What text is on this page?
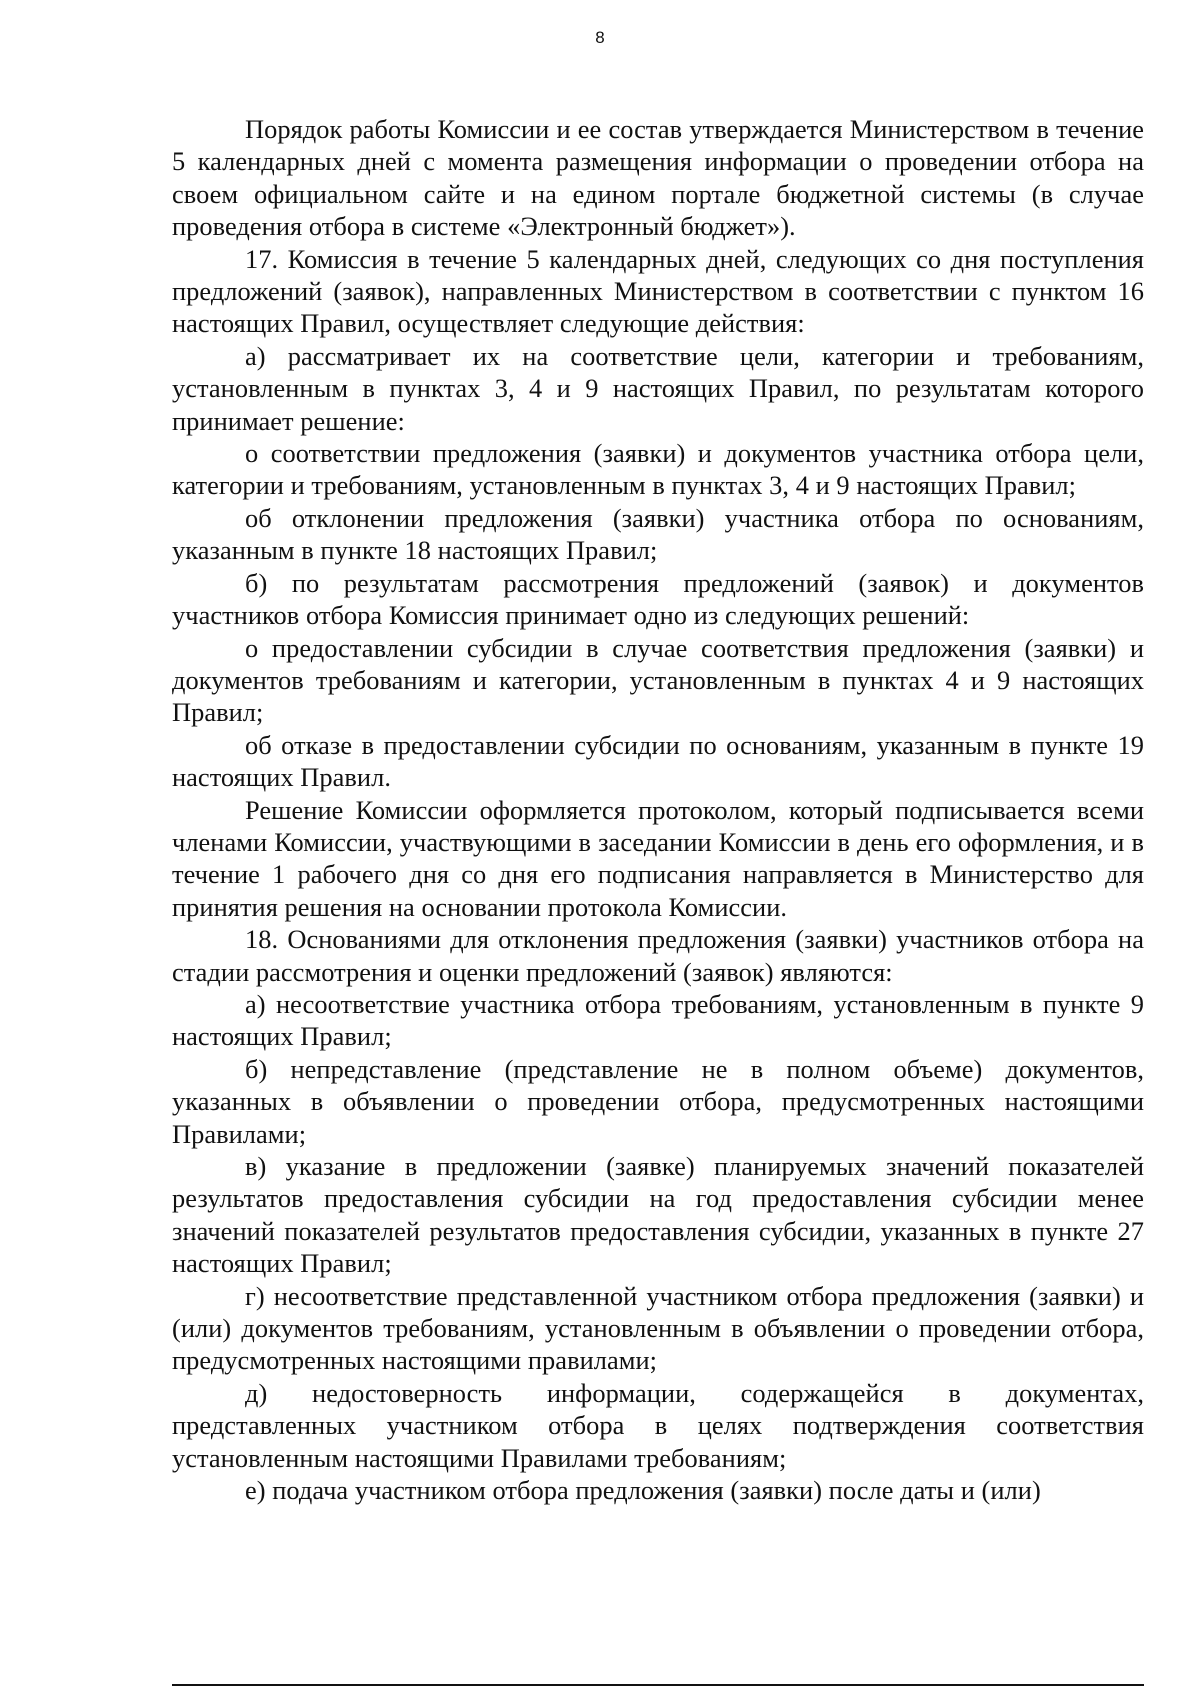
8

Порядок работы Комиссии и ее состав утверждается Министерством в течение 5 календарных дней с момента размещения информации о проведении отбора на своем официальном сайте и на едином портале бюджетной системы (в случае проведения отбора в системе «Электронный бюджет»).

17. Комиссия в течение 5 календарных дней, следующих со дня поступления предложений (заявок), направленных Министерством в соответствии с пунктом 16 настоящих Правил, осуществляет следующие действия:

а) рассматривает их на соответствие цели, категории и требованиям, установленным в пунктах 3, 4 и 9 настоящих Правил, по результатам которого принимает решение:

о соответствии предложения (заявки) и документов участника отбора цели, категории и требованиям, установленным в пунктах 3, 4 и 9 настоящих Правил;

об отклонении предложения (заявки) участника отбора по основаниям, указанным в пункте 18 настоящих Правил;

б) по результатам рассмотрения предложений (заявок) и документов участников отбора Комиссия принимает одно из следующих решений:

о предоставлении субсидии в случае соответствия предложения (заявки) и документов требованиям и категории, установленным в пунктах 4 и 9 настоящих Правил;

об отказе в предоставлении субсидии по основаниям, указанным в пункте 19 настоящих Правил.

Решение Комиссии оформляется протоколом, который подписывается всеми членами Комиссии, участвующими в заседании Комиссии в день его оформления, и в течение 1 рабочего дня со дня его подписания направляется в Министерство для принятия решения на основании протокола Комиссии.

18. Основаниями для отклонения предложения (заявки) участников отбора на стадии рассмотрения и оценки предложений (заявок) являются:

а) несоответствие участника отбора требованиям, установленным в пункте 9 настоящих Правил;

б) непредставление (представление не в полном объеме) документов, указанных в объявлении о проведении отбора, предусмотренных настоящими Правилами;

в) указание в предложении (заявке) планируемых значений показателей результатов предоставления субсидии на год предоставления субсидии менее значений показателей результатов предоставления субсидии, указанных в пункте 27 настоящих Правил;

г) несоответствие представленной участником отбора предложения (заявки) и (или) документов требованиям, установленным в объявлении о проведении отбора, предусмотренных настоящими правилами;

д) недостоверность информации, содержащейся в документах, представленных участником отбора в целях подтверждения соответствия установленным настоящими Правилами требованиям;

е) подача участником отбора предложения (заявки) после даты и (или)
